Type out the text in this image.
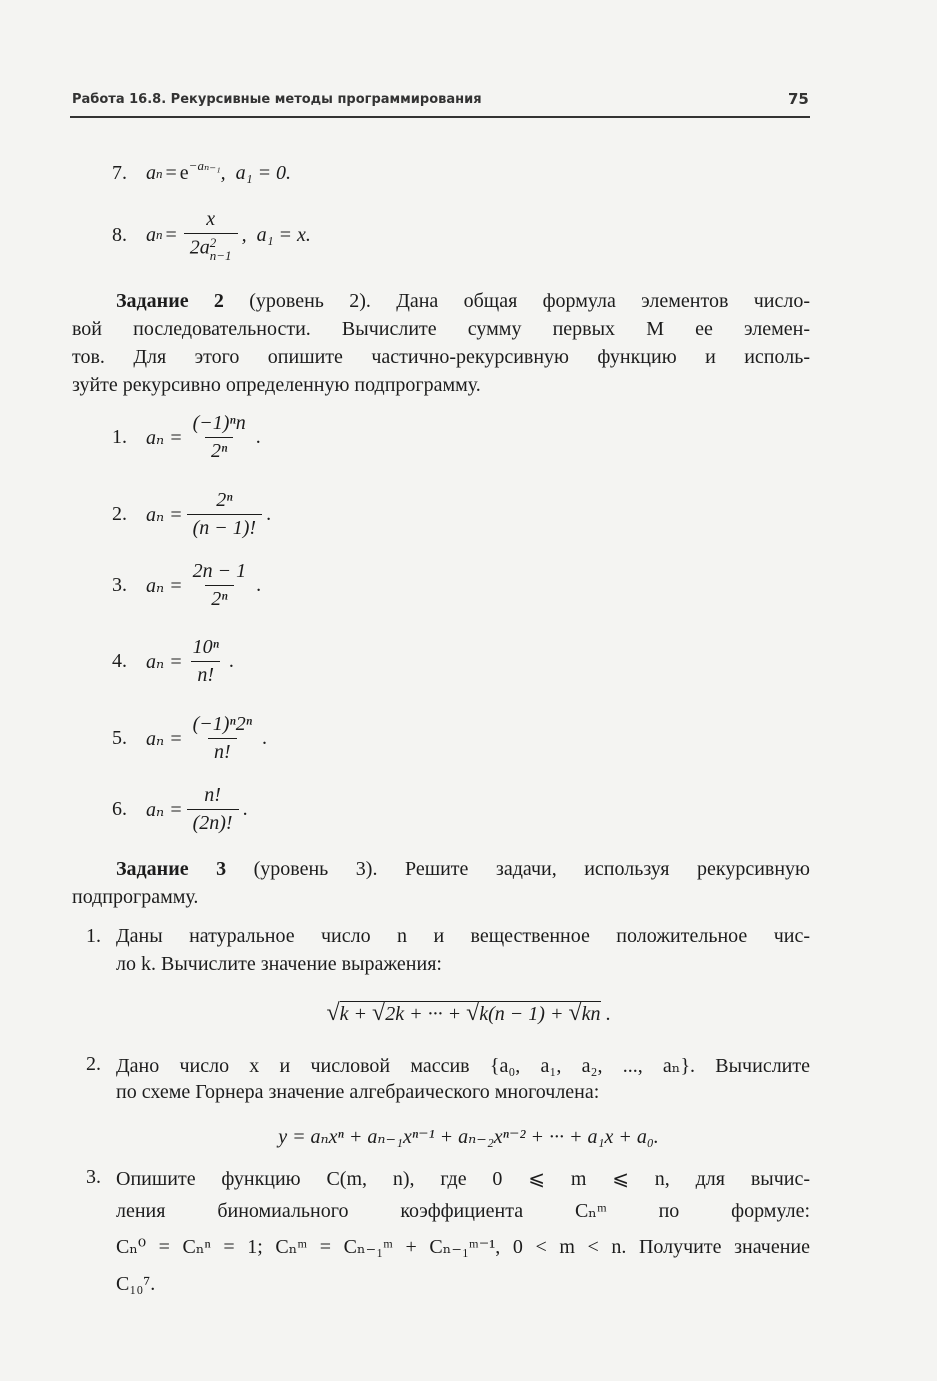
Работа 16.8. Рекурсивные методы программирования	75
7. a $n = e^{-a_{n-1}}$ ,  a₁ = 0.
8. a n = x
2a 2
n−1 ,  a₁ = x.
Задание 2 (уровень 2). Дана общая формула элементов число-
вой последовательности. Вычислите сумму первых M ее элемен-
тов. Для этого опишите частично-рекурсивную функцию и исполь-
зуйте рекурсивно определенную подпрограмму.
1. $a_n = \frac{\text{(−1)ⁿn}}{\text{2ⁿ}}$ .
2. $a_n = \frac{\text{2ⁿ}}{(n - 1)!}$ .
3. $a_n = \frac{2n - 1}{\text{2ⁿ}}$ .
4. $a_n = \frac{\text{10ⁿ}}{n!}$ .
5. $a_n = \frac{\text{(−1)ⁿ2ⁿ}}{n!}$ .
6. $a_n = \frac{n!}{(2n)!}$ .
Задание 3 (уровень 3). Решите задачи, используя рекурсивную
подпрограмму.
1. Даны натуральное число n и вещественное положительное чис-
ло k. Вычислите значение выражения:
√k + √2k + ··· + √k(n − 1) + √kn .
2. Дано число x и числовой массив {a₀, a₁, a₂, ..., aₙ}. Вычислите
по схеме Горнера значение алгебраического многочлена:
y = aₙxⁿ + aₙ₋₁xⁿ⁻¹ + aₙ₋₂xⁿ⁻² + ··· + a₁x + a₀.
3. Опишите функцию C(m, n), где 0 ⩽ m ⩽ n, для вычис-
ления биномиального коэффициента Cₙᵐ по формуле:
Cₙ⁰ = Cₙⁿ = 1; Cₙᵐ = Cₙ₋₁ᵐ + Cₙ₋₁ᵐ⁻¹, 0 < m < n. Получите значение
C₁₀⁷.
